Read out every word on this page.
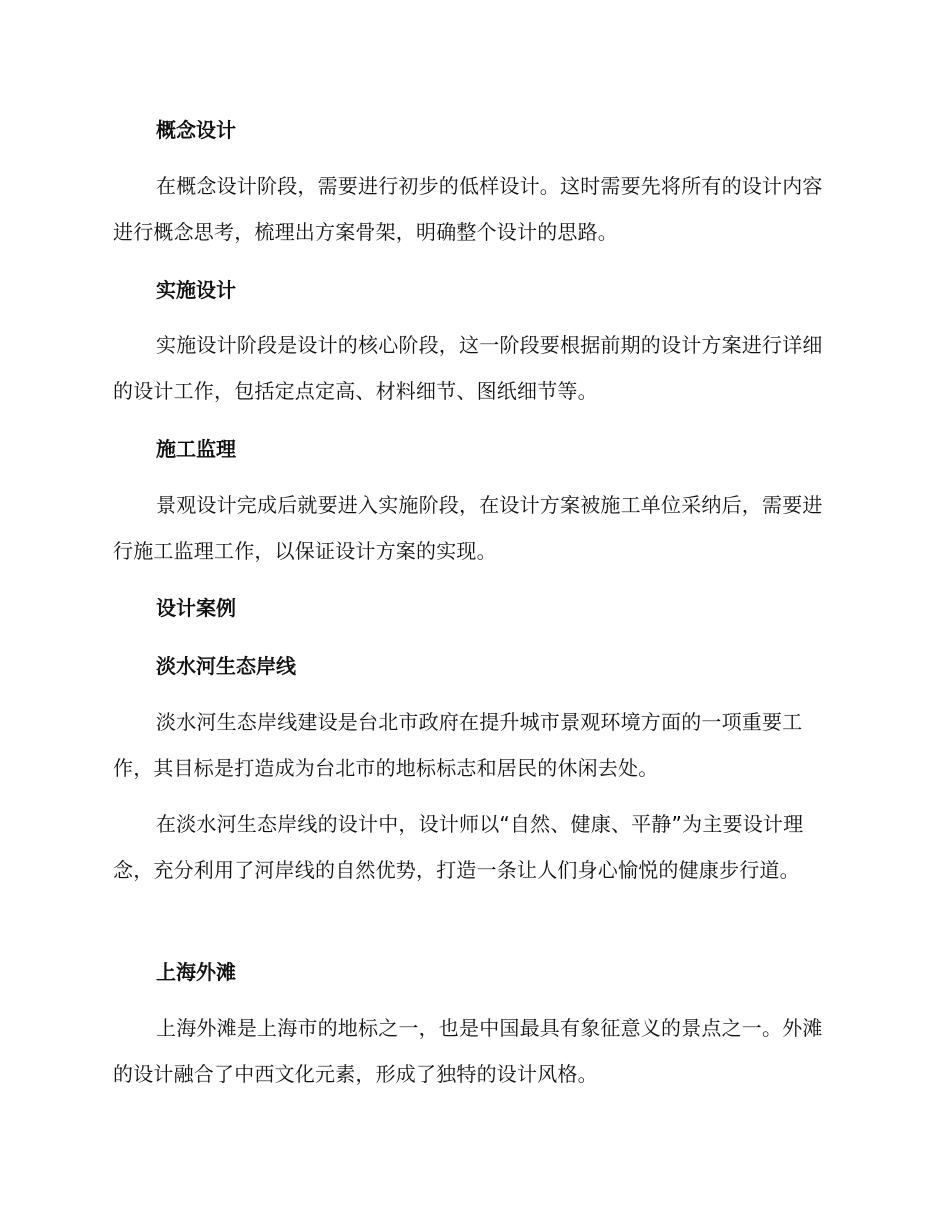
概念设计

在概念设计阶段，需要进行初步的低样设计。这时需要先将所有的设计内容进行概念思考，梳理出方案骨架，明确整个设计的思路。

实施设计

实施设计阶段是设计的核心阶段，这一阶段要根据前期的设计方案进行详细的设计工作，包括定点定高、材料细节、图纸细节等。

施工监理

景观设计完成后就要进入实施阶段，在设计方案被施工单位采纳后，需要进行施工监理工作，以保证设计方案的实现。

设计案例
淡水河生态岸线

淡水河生态岸线建设是台北市政府在提升城市景观环境方面的一项重要工作，其目标是打造成为台北市的地标标志和居民的休闲去处。

在淡水河生态岸线的设计中，设计师以“自然、健康、平静”为主要设计理念，充分利用了河岸线的自然优势，打造一条让人们身心愉悦的健康步行道。

上海外滩

上海外滩是上海市的地标之一，也是中国最具有象征意义的景点之一。外滩的设计融合了中西文化元素，形成了独特的设计风格。
